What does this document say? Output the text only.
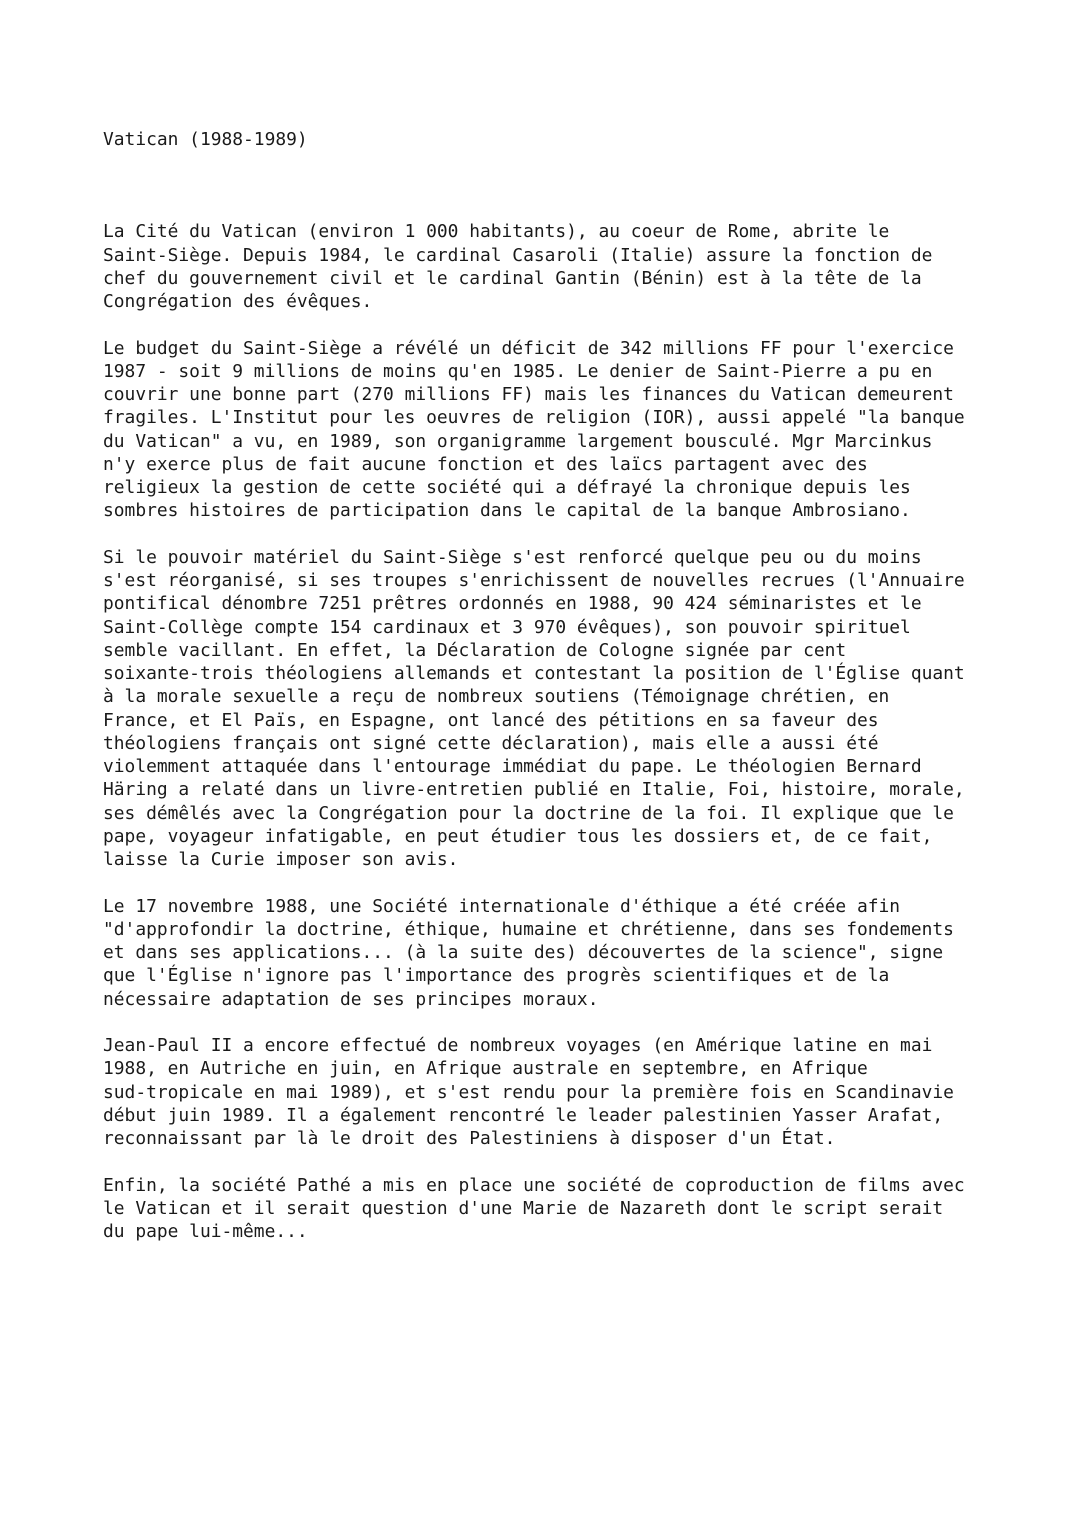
Vatican (1988-1989)
La Cité du Vatican (environ 1 000 habitants), au coeur de Rome, abrite le
Saint-Siège. Depuis 1984, le cardinal Casaroli (Italie) assure la fonction de
chef du gouvernement civil et le cardinal Gantin (Bénin) est à la tête de la
Congrégation des évêques.
Le budget du Saint-Siège a révélé un déficit de 342 millions FF pour l'exercice
1987 - soit 9 millions de moins qu'en 1985. Le denier de Saint-Pierre a pu en
couvrir une bonne part (270 millions FF) mais les finances du Vatican demeurent
fragiles. L'Institut pour les oeuvres de religion (IOR), aussi appelé "la banque
du Vatican" a vu, en 1989, son organigramme largement bousculé. Mgr Marcinkus
n'y exerce plus de fait aucune fonction et des laïcs partagent avec des
religieux la gestion de cette société qui a défrayé la chronique depuis les
sombres histoires de participation dans le capital de la banque Ambrosiano.
Si le pouvoir matériel du Saint-Siège s'est renforcé quelque peu ou du moins
s'est réorganisé, si ses troupes s'enrichissent de nouvelles recrues (l'Annuaire
pontifical dénombre 7251 prêtres ordonnés en 1988, 90 424 séminaristes et le
Saint-Collège compte 154 cardinaux et 3 970 évêques), son pouvoir spirituel
semble vacillant. En effet, la Déclaration de Cologne signée par cent
soixante-trois théologiens allemands et contestant la position de l'Église quant
à la morale sexuelle a reçu de nombreux soutiens (Témoignage chrétien, en
France, et El Païs, en Espagne, ont lancé des pétitions en sa faveur des
théologiens français ont signé cette déclaration), mais elle a aussi été
violemment attaquée dans l'entourage immédiat du pape. Le théologien Bernard
Häring a relaté dans un livre-entretien publié en Italie, Foi, histoire, morale,
ses démêlés avec la Congrégation pour la doctrine de la foi. Il explique que le
pape, voyageur infatigable, en peut étudier tous les dossiers et, de ce fait,
laisse la Curie imposer son avis.
Le 17 novembre 1988, une Société internationale d'éthique a été créée afin
"d'approfondir la doctrine, éthique, humaine et chrétienne, dans ses fondements
et dans ses applications... (à la suite des) découvertes de la science", signe
que l'Église n'ignore pas l'importance des progrès scientifiques et de la
nécessaire adaptation de ses principes moraux.
Jean-Paul II a encore effectué de nombreux voyages (en Amérique latine en mai
1988, en Autriche en juin, en Afrique australe en septembre, en Afrique
sud-tropicale en mai 1989), et s'est rendu pour la première fois en Scandinavie
début juin 1989. Il a également rencontré le leader palestinien Yasser Arafat,
reconnaissant par là le droit des Palestiniens à disposer d'un État.
Enfin, la société Pathé a mis en place une société de coproduction de films avec
le Vatican et il serait question d'une Marie de Nazareth dont le script serait
du pape lui-même...
